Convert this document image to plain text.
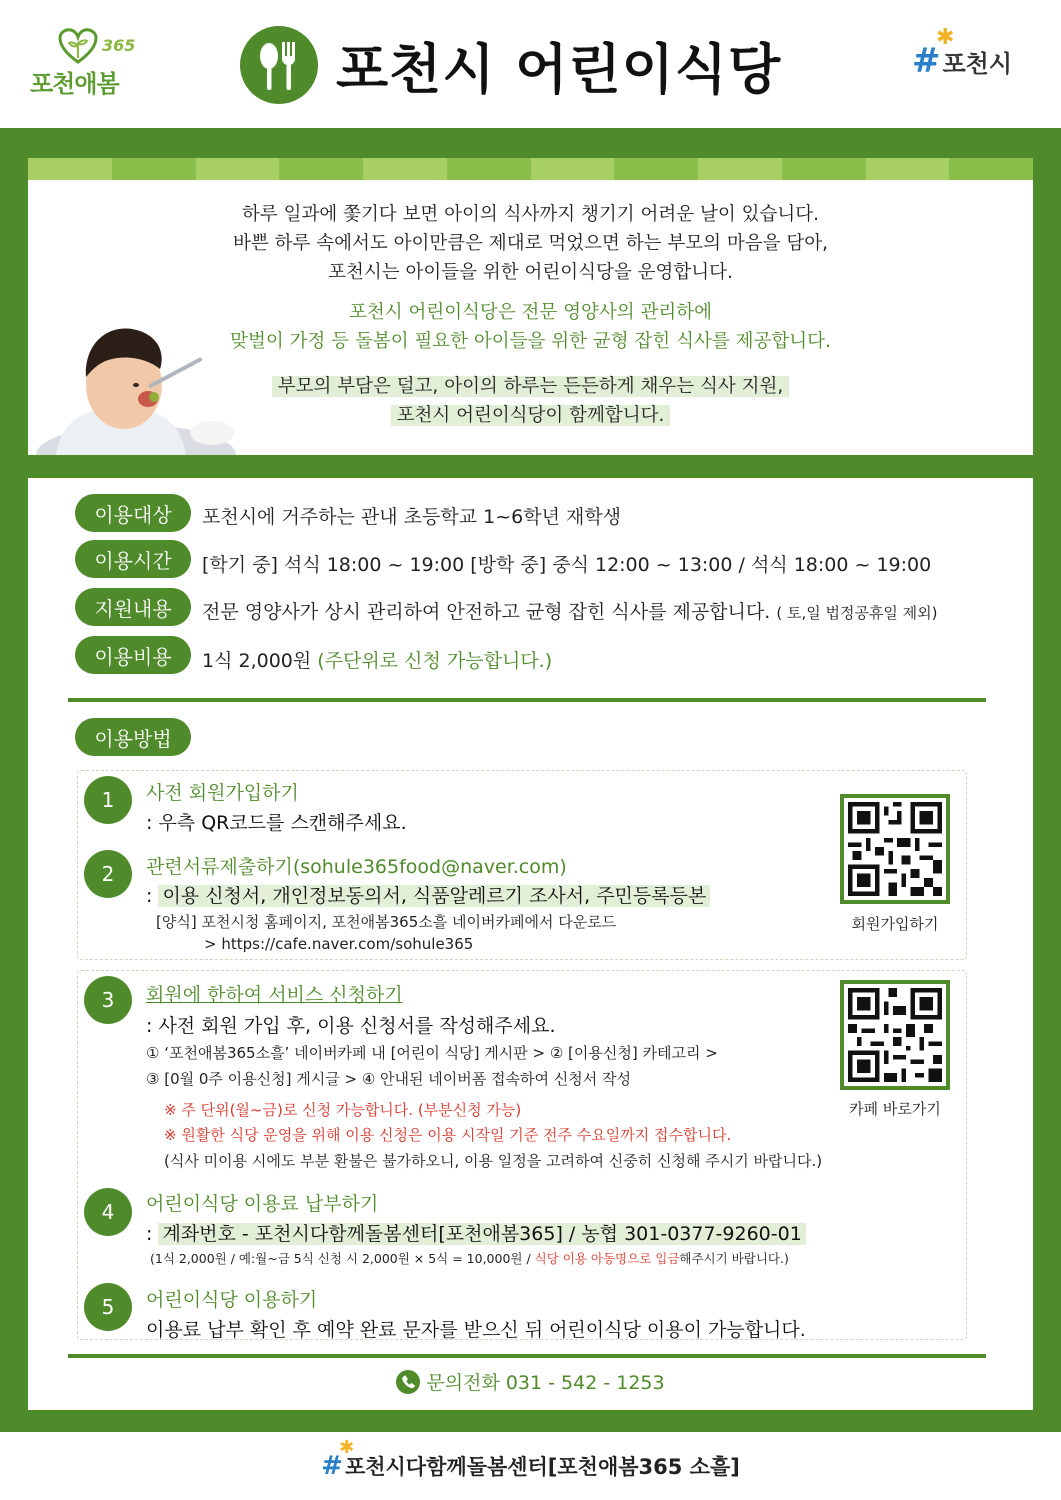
365
포천애봄	포천시 어린이식당	#
✱
포천시

하루 일과에 쫓기다 보면 아이의 식사까지 챙기기 어려운 날이 있습니다.

바쁜 하루 속에서도 아이만큼은 제대로 먹었으면 하는 부모의 마음을 담아,

포천시는 아이들을 위한 어린이식당을 운영합니다.

포천시 어린이식당은 전문 영양사의 관리하에

맞벌이 가정 등 돌봄이 필요한 아이들을 위한 균형 잡힌 식사를 제공합니다.

부모의 부담은 덜고, 아이의 하루는 든든하게 채우는 식사 지원,

포천시 어린이식당이 함께합니다.

이용대상	포천시에 거주하는 관내 초등학교 1~6학년 재학생
이용시간	[학기 중] 석식 18:00 ~ 19:00 [방학 중] 중식 12:00 ~ 13:00 / 석식 18:00 ~ 19:00
지원내용	전문 영양사가 상시 관리하여 안전하고 균형 잡힌 식사를 제공합니다. ( 토,일 법정공휴일 제외)
이용비용	1식 2,000원 (주단위로 신청 가능합니다.)
이용방법
1	사전 회원가입하기
: 우측 QR코드를 스캔해주세요.
2	관련서류제출하기(sohule365food@naver.com)
: 이용 신청서, 개인정보동의서, 식품알레르기 조사서, 주민등록등본
[양식] 포천시청 홈페이지, 포천애봄365소흘 네이버카페에서 다운로드
> https://cafe.naver.com/sohule365
회원가입하기
3	회원에 한하여 서비스 신청하기
: 사전 회원 가입 후, 이용 신청서를 작성해주세요.
① ‘포천애봄365소흘’ 네이버카페 내 [어린이 식당] 게시판 > ② [이용신청] 카테고리 >
③ [0월 0주 이용신청] 게시글 > ④ 안내된 네이버폼 접속하여 신청서 작성
※ 주 단위(월~금)로 신청 가능합니다. (부분신청 가능)
※ 원활한 식당 운영을 위해 이용 신청은 이용 시작일 기준 전주 수요일까지 접수합니다.
(식사 미이용 시에도 부분 환불은 불가하오니, 이용 일정을 고려하여 신중히 신청해 주시기 바랍니다.)
카페 바로가기
4	어린이식당 이용료 납부하기
: 계좌번호 - 포천시다함께돌봄센터[포천애봄365] / 농협 301-0377-9260-01
(1식 2,000원 / 예:월~금 5식 신청 시 2,000원 × 5식 = 10,000원 / 식당 이용 아동명으로 입금해주시기 바랍니다.)
5	어린이식당 이용하기
이용료 납부 확인 후 예약 완료 문자를 받으신 뒤 어린이식당 이용이 가능합니다.
문의전화 031 - 542 - 1253
#
✱
포천시다함께돌봄센터[포천애봄365 소흘]
